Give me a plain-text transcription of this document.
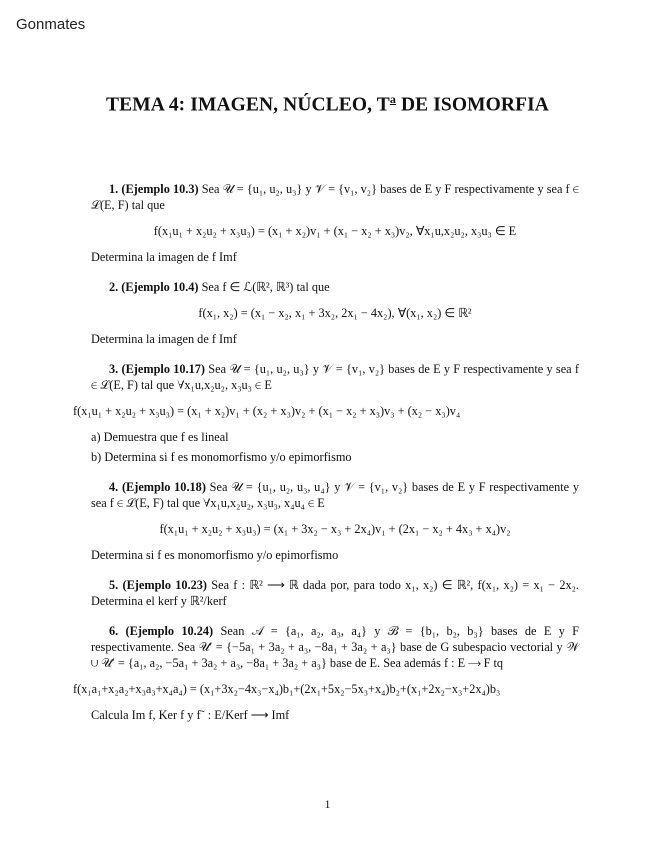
Gonmates
TEMA 4: IMAGEN, NÚCLEO, $T^a$ DE ISOMORFIA

1. (Ejemplo 10.3) Sea 𝒰 = {u₁, u₂, u₃} y 𝒱 = {v₁, v₂} bases de E y F respectivamente y sea f ∈ ℒ(E, F) tal que

f(x₁u₁ + x₂u₂ + x₃u₃) = (x₁ + x₂)v₁ + (x₁ − x₂ + x₃)v₂, ∀x₁u,x₂u₂, x₃u₃ ∈ E

Determina la imagen de f Imf

2. (Ejemplo 10.4) Sea f ∈ ℒ(ℝ², ℝ³) tal que

f(x₁, x₂) = (x₁ − x₂, x₁ + 3x₂, 2x₁ − 4x₂), ∀(x₁, x₂) ∈ ℝ²

Determina la imagen de f Imf

3. (Ejemplo 10.17) Sea 𝒰 = {u₁, u₂, u₃} y 𝒱 = {v₁, v₂} bases de E y F respectivamente y sea f ∈ ℒ(E, F) tal que ∀x₁u,x₂u₂, x₃u₃ ∈ E

f(x₁u₁ + x₂u₂ + x₃u₃) = (x₁ + x₂)v₁ + (x₂ + x₃)v₂ + (x₁ − x₂ + x₃)v₃ + (x₂ − x₃)v₄

a) Demuestra que f es lineal

b) Determina si f es monomorfismo y/o epimorfismo

4. (Ejemplo 10.18) Sea 𝒰 = {u₁, u₂, u₃, u₄} y 𝒱 = {v₁, v₂} bases de E y F respectivamente y sea f ∈ ℒ(E, F) tal que ∀x₁u,x₂u₂, x₃u₃, x₄u₄ ∈ E

f(x₁u₁ + x₂u₂ + x₃u₃) = (x₁ + 3x₂ − x₃ + 2x₄)v₁ + (2x₁ − x₂ + 4x₃ + x₄)v₂

Determina si f es monomorfismo y/o epimorfismo

5. (Ejemplo 10.23) Sea f : ℝ² ⟶ ℝ dada por, para todo x₁, x₂) ∈ ℝ², f(x₁, x₂) = x₁ − 2x₂. Determina el kerf y ℝ²/kerf

6. (Ejemplo 10.24) Sean 𝒜 = {a₁, a₂, a₃, a₄} y ℬ = {b₁, b₂, b₃} bases de E y F respectivamente. Sea 𝒰′ = {−5a₁ + 3a₂ + a₃, −8a₁ + 3a₂ + a₃} base de G subespacio vectorial y 𝒲 ∪ 𝒰′ = {a₁, a₂, −5a₁ + 3a₂ + a₃, −8a₁ + 3a₂ + a₃} base de E. Sea además f : E ⟶ F tq

f(x₁a₁+x₂a₂+x₃a₃+x₄a₄) = (x₁+3x₂−4x₃−x₄)b₁+(2x₁+5x₂−5x₃+x₄)b₂+(x₁+2x₂−x₃+2x₄)b₃

Calcula Im f, Ker f y f˜ : E/Kerf ⟶ Imf

1
